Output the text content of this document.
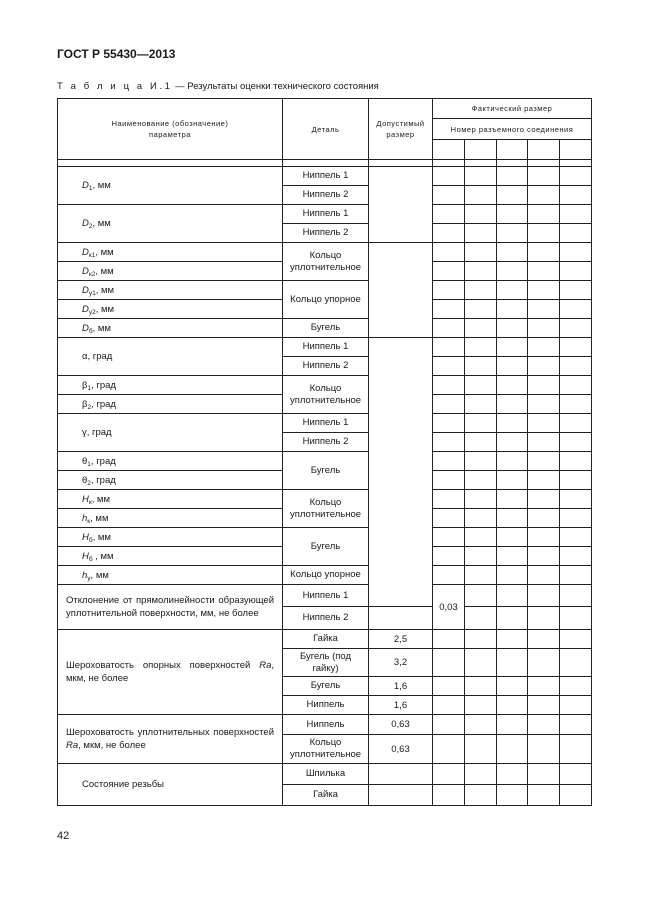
ГОСТ Р 55430—2013
Т а б л и ц а И.1 — Результаты оценки технического состояния
Наименование (обозначение) параметра	Деталь	Допустимый размер	Фактический размер					
			Номер разъемного соединения					

$D_1$, мм	Ниппель 1							
	Ниппель 2							
$D_2$, мм	Ниппель 1							
	Ниппель 2							
$D_{к1}$, мм	Кольцо уплотнительное							
$D_{к2}$, мм								
$D_{у1}$, мм	Кольцо упорное							
$D_{у2}$, мм								
$D_б$, мм	Бугель							
α, град	Ниппель 1							
	Ниппель 2							
$\beta_1$, град	Кольцо уплотнительное							
$\beta_2$, град								
γ, град	Ниппель 1							
	Ниппель 2							
$\theta_1$, град	Бугель							
$\theta_2$, град								
$H_к$, мм	Кольцо уплотнительное							
$h_к$, мм								
$H_б$, мм	Бугель							
$H_б$ , мм								
$h_у$, мм	Кольцо упорное							
Отклонение от прямолинейности образующей уплотнительной поверхности, мм, не более	Ниппель 1		0,03					
	Ниппель 2							
Шероховатость опорных поверхностей Ra, мкм, не более	Гайка	2,5						
	Бугель (под гайку)	3,2						
	Бугель	1,6						
	Ниппель	1,6						
Шероховатость уплотнительных поверхностей Ra, мкм, не более	Ниппель	0,63						
	Кольцо уплотнительное	0,63						
Состояние резьбы	Шпилька							
	Гайка							
42
